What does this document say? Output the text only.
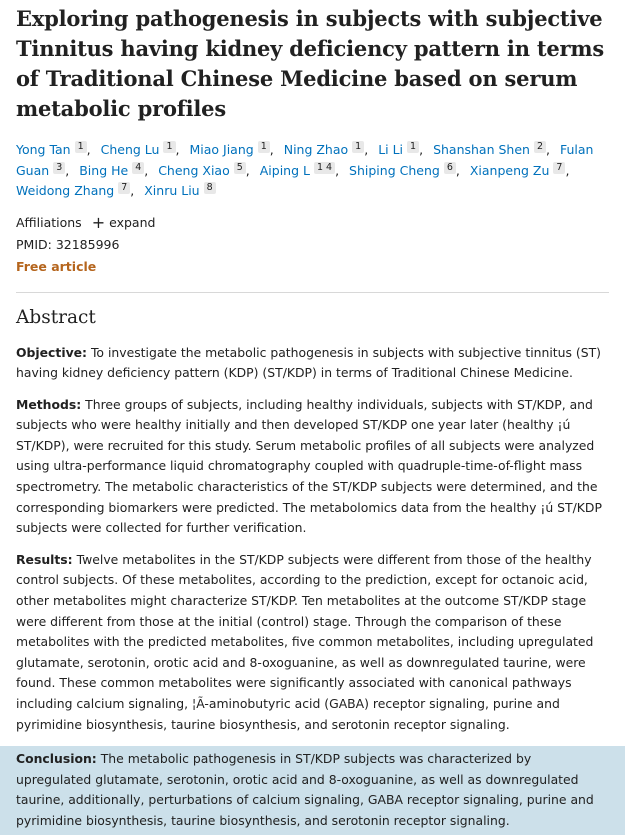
Exploring pathogenesis in subjects with subjective Tinnitus having kidney deficiency pattern in terms of Traditional Chinese Medicine based on serum metabolic profiles
Yong Tan 1 , Cheng Lu 1 , Miao Jiang 1 , Ning Zhao 1 , Li Li 1 , Shanshan Shen 2 , Fulan Guan 3 , Bing He 4 , Cheng Xiao 5 , Aiping L 1 4 , Shiping Cheng 6 , Xianpeng Zu 7 , Weidong Zhang 7 , Xinru Liu 8
Affiliations + expand
PMID: 32185996
Free article
Abstract

Objective: To investigate the metabolic pathogenesis in subjects with subjective tinnitus (ST) having kidney deficiency pattern (KDP) (ST/KDP) in terms of Traditional Chinese Medicine.

Methods: Three groups of subjects, including healthy individuals, subjects with ST/KDP, and subjects who were healthy initially and then developed ST/KDP one year later (healthy ¡ú ST/KDP), were recruited for this study. Serum metabolic profiles of all subjects were analyzed using ultra-performance liquid chromatography coupled with quadruple-time-of-flight mass spectrometry. The metabolic characteristics of the ST/KDP subjects were determined, and the corresponding biomarkers were predicted. The metabolomics data from the healthy ¡ú ST/KDP subjects were collected for further verification.

Results: Twelve metabolites in the ST/KDP subjects were different from those of the healthy control subjects. Of these metabolites, according to the prediction, except for octanoic acid, other metabolites might characterize ST/KDP. Ten metabolites at the outcome ST/KDP stage were different from those at the initial (control) stage. Through the comparison of these metabolites with the predicted metabolites, five common metabolites, including upregulated glutamate, serotonin, orotic acid and 8-oxoguanine, as well as downregulated taurine, were found. These common metabolites were significantly associated with canonical pathways including calcium signaling, ¦Ã-aminobutyric acid (GABA) receptor signaling, purine and pyrimidine biosynthesis, taurine biosynthesis, and serotonin receptor signaling.

Conclusion: The metabolic pathogenesis in ST/KDP subjects was characterized by upregulated glutamate, serotonin, orotic acid and 8-oxoguanine, as well as downregulated taurine, additionally, perturbations of calcium signaling, GABA receptor signaling, purine and pyrimidine biosynthesis, taurine biosynthesis, and serotonin receptor signaling.
